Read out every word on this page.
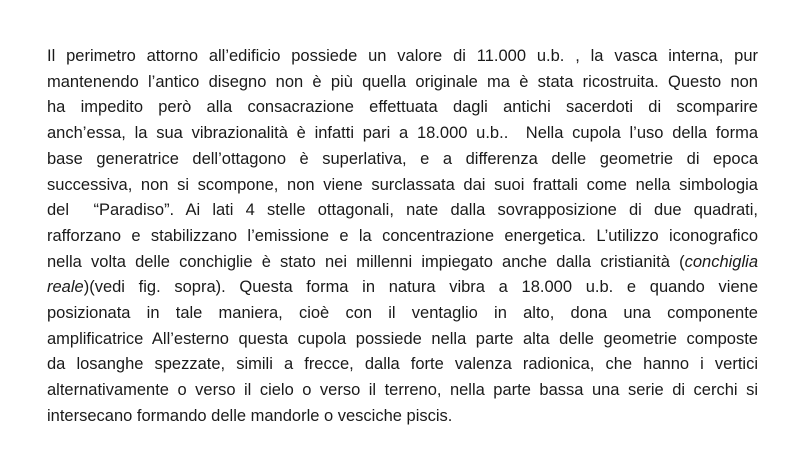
Il perimetro attorno all’edificio possiede un valore di 11.000 u.b. , la vasca interna, pur
mantenendo l’antico disegno non è più quella originale ma è stata ricostruita. Questo non
ha impedito però alla consacrazione effettuata dagli antichi sacerdoti di scomparire
anch’essa, la sua vibrazionalità è infatti pari a 18.000 u.b..  Nella cupola l’uso della forma
base generatrice dell’ottagono è superlativa, e a differenza delle geometrie di epoca
successiva, non si scompone, non viene surclassata dai suoi frattali come nella simbologia
del  “Paradiso”. Ai lati 4 stelle ottagonali, nate dalla sovrapposizione di due quadrati,
rafforzano e stabilizzano l’emissione e la concentrazione energetica. L’utilizzo iconografico
nella volta delle conchiglie è stato nei millenni impiegato anche dalla cristianità (conchiglia
reale)(vedi fig. sopra). Questa forma in natura vibra a 18.000 u.b. e quando viene
posizionata in tale maniera, cioè con il ventaglio in alto, dona una componente
amplificatrice All’esterno questa cupola possiede nella parte alta delle geometrie composte
da losanghe spezzate, simili a frecce, dalla forte valenza radionica, che hanno i vertici
alternativamente o verso il cielo o verso il terreno, nella parte bassa una serie di cerchi si
intersecano formando delle mandorle o vesciche piscis.
